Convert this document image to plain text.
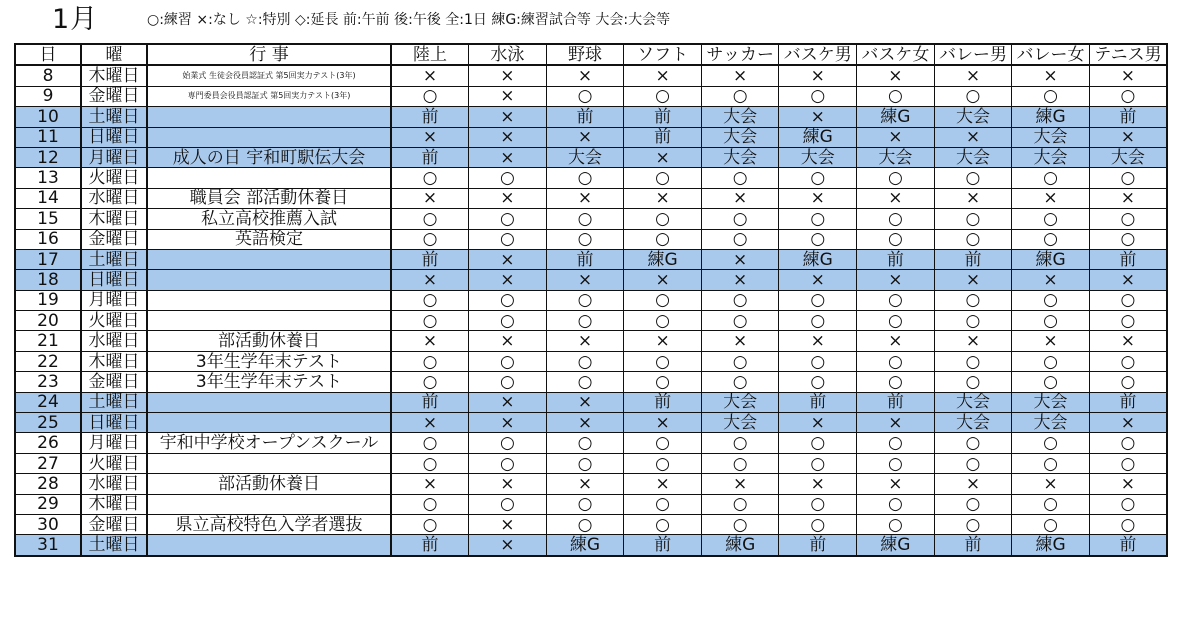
1月	○:練習 ×:なし ☆:特別 ◇:延長 前:午前 後:午後 全:1日 練G:練習試合等 大会:大会等
日	曜	行 事	陸上	水泳	野球	ソフト	サッカー	バスケ男	バスケ女	バレー男	バレー女	テニス男
8	木曜日	始業式 生徒会役員認証式 第5回実力テスト(3年)	×	×	×	×	×	×	×	×	×	×
9	金曜日	専門委員会役員認証式 第5回実力テスト(3年)	○	×	○	○	○	○	○	○	○	○
10	土曜日		前	×	前	前	大会	×	練G	大会	練G	前
11	日曜日		×	×	×	前	大会	練G	×	×	大会	×
12	月曜日	成人の日 宇和町駅伝大会	前	×	大会	×	大会	大会	大会	大会	大会	大会
13	火曜日		○	○	○	○	○	○	○	○	○	○
14	水曜日	職員会 部活動休養日	×	×	×	×	×	×	×	×	×	×
15	木曜日	私立高校推薦入試	○	○	○	○	○	○	○	○	○	○
16	金曜日	英語検定	○	○	○	○	○	○	○	○	○	○
17	土曜日		前	×	前	練G	×	練G	前	前	練G	前
18	日曜日		×	×	×	×	×	×	×	×	×	×
19	月曜日		○	○	○	○	○	○	○	○	○	○
20	火曜日		○	○	○	○	○	○	○	○	○	○
21	水曜日	部活動休養日	×	×	×	×	×	×	×	×	×	×
22	木曜日	3年生学年末テスト	○	○	○	○	○	○	○	○	○	○
23	金曜日	3年生学年末テスト	○	○	○	○	○	○	○	○	○	○
24	土曜日		前	×	×	前	大会	前	前	大会	大会	前
25	日曜日		×	×	×	×	大会	×	×	大会	大会	×
26	月曜日	宇和中学校オープンスクール	○	○	○	○	○	○	○	○	○	○
27	火曜日		○	○	○	○	○	○	○	○	○	○
28	水曜日	部活動休養日	×	×	×	×	×	×	×	×	×	×
29	木曜日		○	○	○	○	○	○	○	○	○	○
30	金曜日	県立高校特色入学者選抜	○	×	○	○	○	○	○	○	○	○
31	土曜日		前	×	練G	前	練G	前	練G	前	練G	前
